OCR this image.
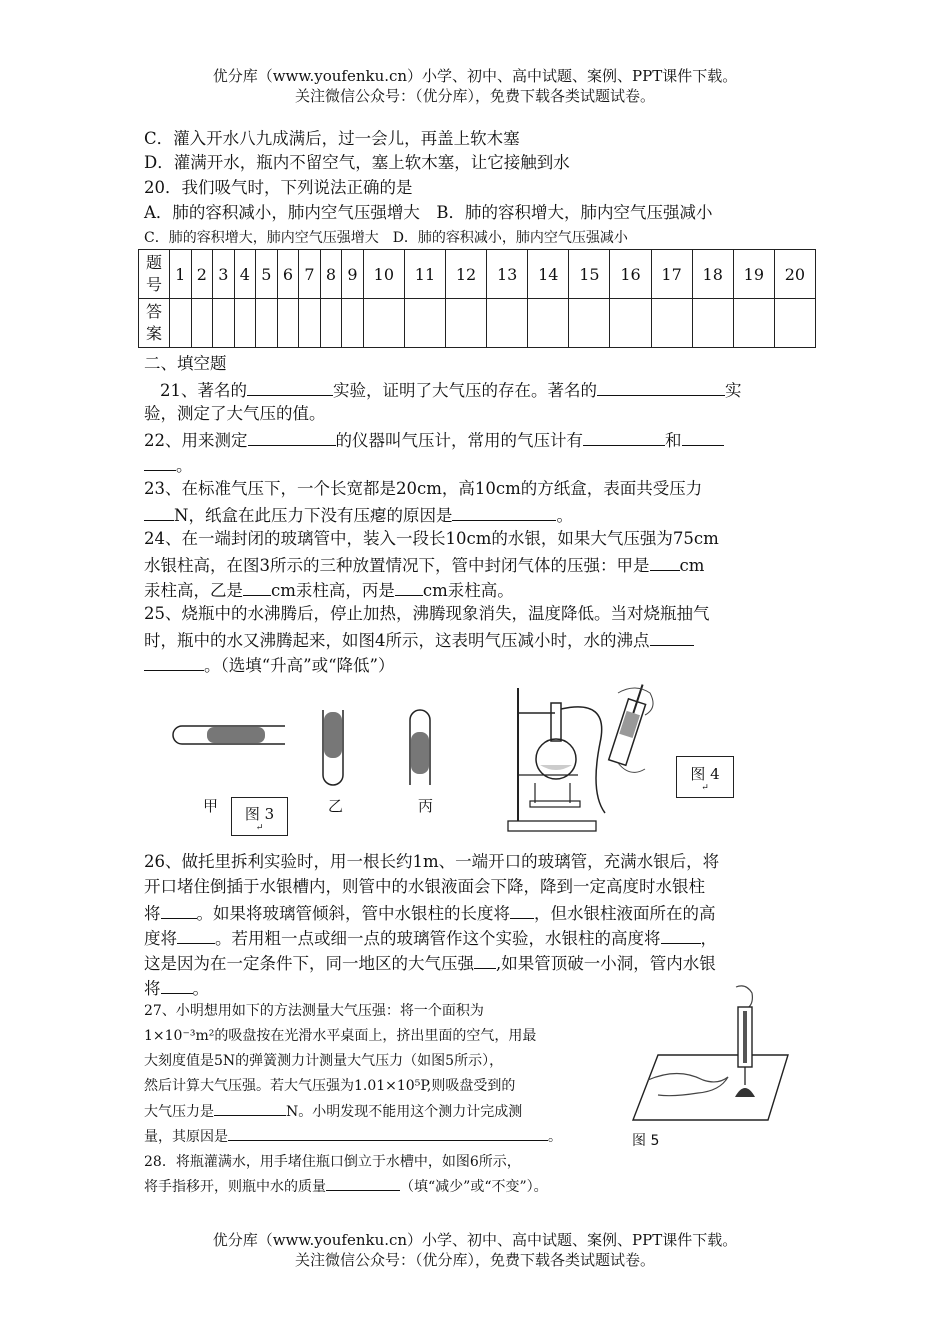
优分库（www.youfenku.cn）小学、初中、高中试题、案例、PPT课件下载。
关注微信公众号：（优分库），免费下载各类试题试卷。
C．灌入开水八九成满后，过一会儿，再盖上软木塞
D．灌满开水，瓶内不留空气，塞上软木塞，让它接触到水
20．我们吸气时，下列说法正确的是
A．肺的容积减小，肺内空气压强增大　B．肺的容积增大，肺内空气压强减小
C．肺的容积增大，肺内空气压强增大　D．肺的容积减小，肺内空气压强减小
题号	1	2	3	4	5	6	7	8	9	10	11	12	13	14	15	16	17	18	19	20
答案																				
二、填空题
21、著名的	实验，证明了大气压的存在。著名的	实
验，测定了大气压的值。
22、用来测定	的仪器叫气压计，常用的气压计有	和
。
23、在标准气压下，一个长宽都是20cm，高10cm的方纸盒，表面共受压力
N，纸盒在此压力下没有压瘪的原因是	。
24、在一端封闭的玻璃管中，装入一段长10cm的水银，如果大气压强为75cm
水银柱高，在图3所示的三种放置情况下，管中封闭气体的压强：甲是 cm
汞柱高，乙是 cm汞柱高，丙是 cm汞柱高。
25、烧瓶中的水沸腾后，停止加热，沸腾现象消失，温度降低。当对烧瓶抽气
时，瓶中的水又沸腾起来，如图4所示，这表明气压减小时，水的沸点
。（选填“升高”或“降低”）
甲	乙	丙
图 3
↵
图 4
↵
26、做托里拆利实验时，用一根长约1m、一端开口的玻璃管，充满水银后，将
开口堵住倒插于水银槽内，则管中的水银液面会下降，降到一定高度时水银柱
将 。如果将玻璃管倾斜，管中水银柱的长度将 ，但水银柱液面所在的高
度将 。若用粗一点或细一点的玻璃管作这个实验，水银柱的高度将 ，
这是因为在一定条件下，同一地区的大气压强 ,如果管顶破一小洞，管内水银
将 。
27、小明想用如下的方法测量大气压强：将一个面积为
1×10⁻³m²的吸盘按在光滑水平桌面上，挤出里面的空气，用最
大刻度值是5N的弹簧测力计测量大气压力（如图5所示），
然后计算大气压强。若大气压强为1.01×10⁵P,则吸盘受到的
大气压力是	N。小明发现不能用这个测力计完成测
量，其原因是	。	图 5
28．将瓶灌满水，用手堵住瓶口倒立于水槽中，如图6所示，
将手指移开，则瓶中水的质量	（填“减少”或“不变”）。
优分库（www.youfenku.cn）小学、初中、高中试题、案例、PPT课件下载。
关注微信公众号：（优分库），免费下载各类试题试卷。
